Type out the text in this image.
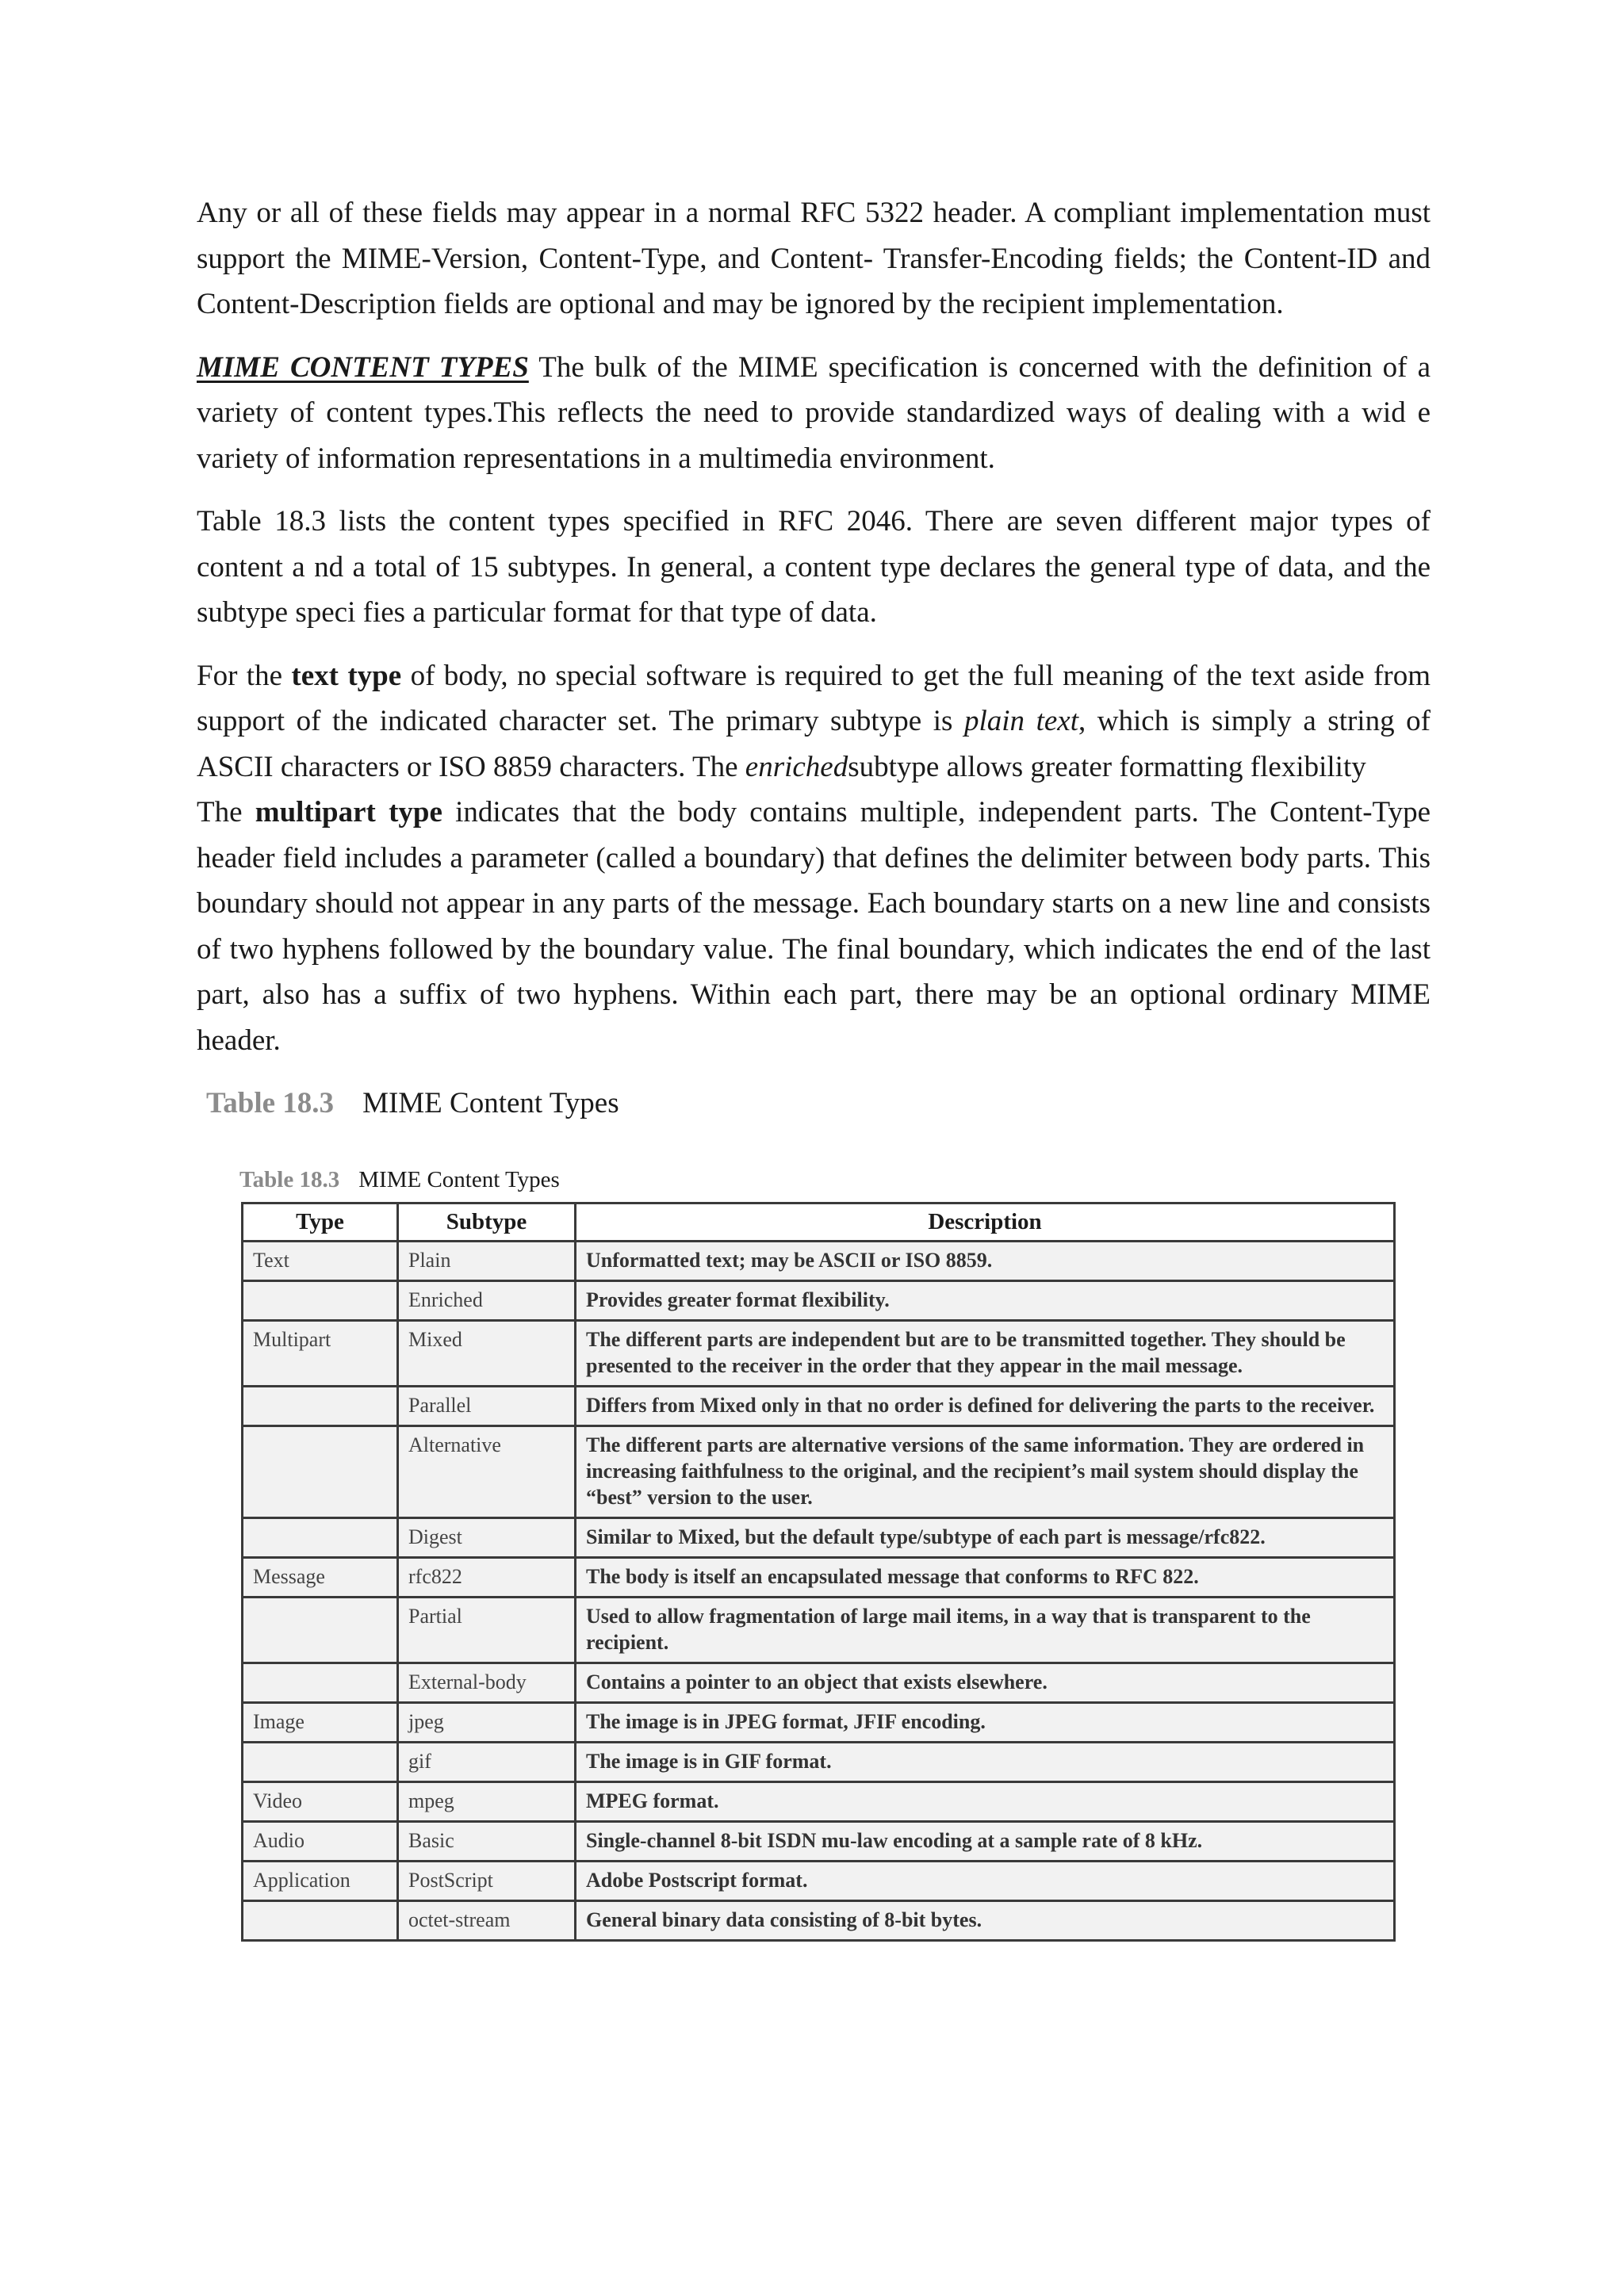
Any or all of these fields may appear in a normal RFC 5322 header. A compliant implementation must support the MIME-Version, Content-Type, and Content- Transfer-Encoding fields; the Content-ID and Content-Description fields are optional and may be ignored by the recipient implementation.

MIME CONTENT TYPES The bulk of the MIME specification is concerned with the definition of a variety of content types.This reflects the need to provide standardized ways of dealing with a wid e variety of information representations in a multimedia environment.

Table 18.3 lists the content types specified in RFC 2046. There are seven different major types of content a nd a total of 15 subtypes. In general, a content type declares the general type of data, and the subtype speci fies a particular format for that type of data.

For the text type of body, no special software is required to get the full meaning of the text aside from support of the indicated character set. The primary subtype is plain text, which is simply a string of ASCII characters or ISO 8859 characters. The enrichedsubtype allows greater formatting flexibility

The multipart type indicates that the body contains multiple, independent parts. The Content-Type header field includes a parameter (called a boundary) that defines the delimiter between body parts. This boundary should not appear in any parts of the message. Each boundary starts on a new line and consists of two hyphens followed by the boundary value. The final boundary, which indicates the end of the last part, also has a suffix of two hyphens. Within each part, there may be an optional ordinary MIME header.

Table 18.3 MIME Content Types
Table 18.3 MIME Content Types
Type	Subtype	Description
Text	Plain	Unformatted text; may be ASCII or ISO 8859.
	Enriched	Provides greater format flexibility.
Multipart	Mixed	The different parts are independent but are to be transmitted together. They should be presented to the receiver in the order that they appear in the mail message.
	Parallel	Differs from Mixed only in that no order is defined for delivering the parts to the receiver.
	Alternative	The different parts are alternative versions of the same information. They are ordered in increasing faithfulness to the original, and the recipient’s mail system should display the “best” version to the user.
	Digest	Similar to Mixed, but the default type/subtype of each part is message/rfc822.
Message	rfc822	The body is itself an encapsulated message that conforms to RFC 822.
	Partial	Used to allow fragmentation of large mail items, in a way that is transparent to the recipient.
	External-body	Contains a pointer to an object that exists elsewhere.
Image	jpeg	The image is in JPEG format, JFIF encoding.
	gif	The image is in GIF format.
Video	mpeg	MPEG format.
Audio	Basic	Single-channel 8-bit ISDN mu-law encoding at a sample rate of 8 kHz.
Application	PostScript	Adobe Postscript format.
	octet-stream	General binary data consisting of 8-bit bytes.
